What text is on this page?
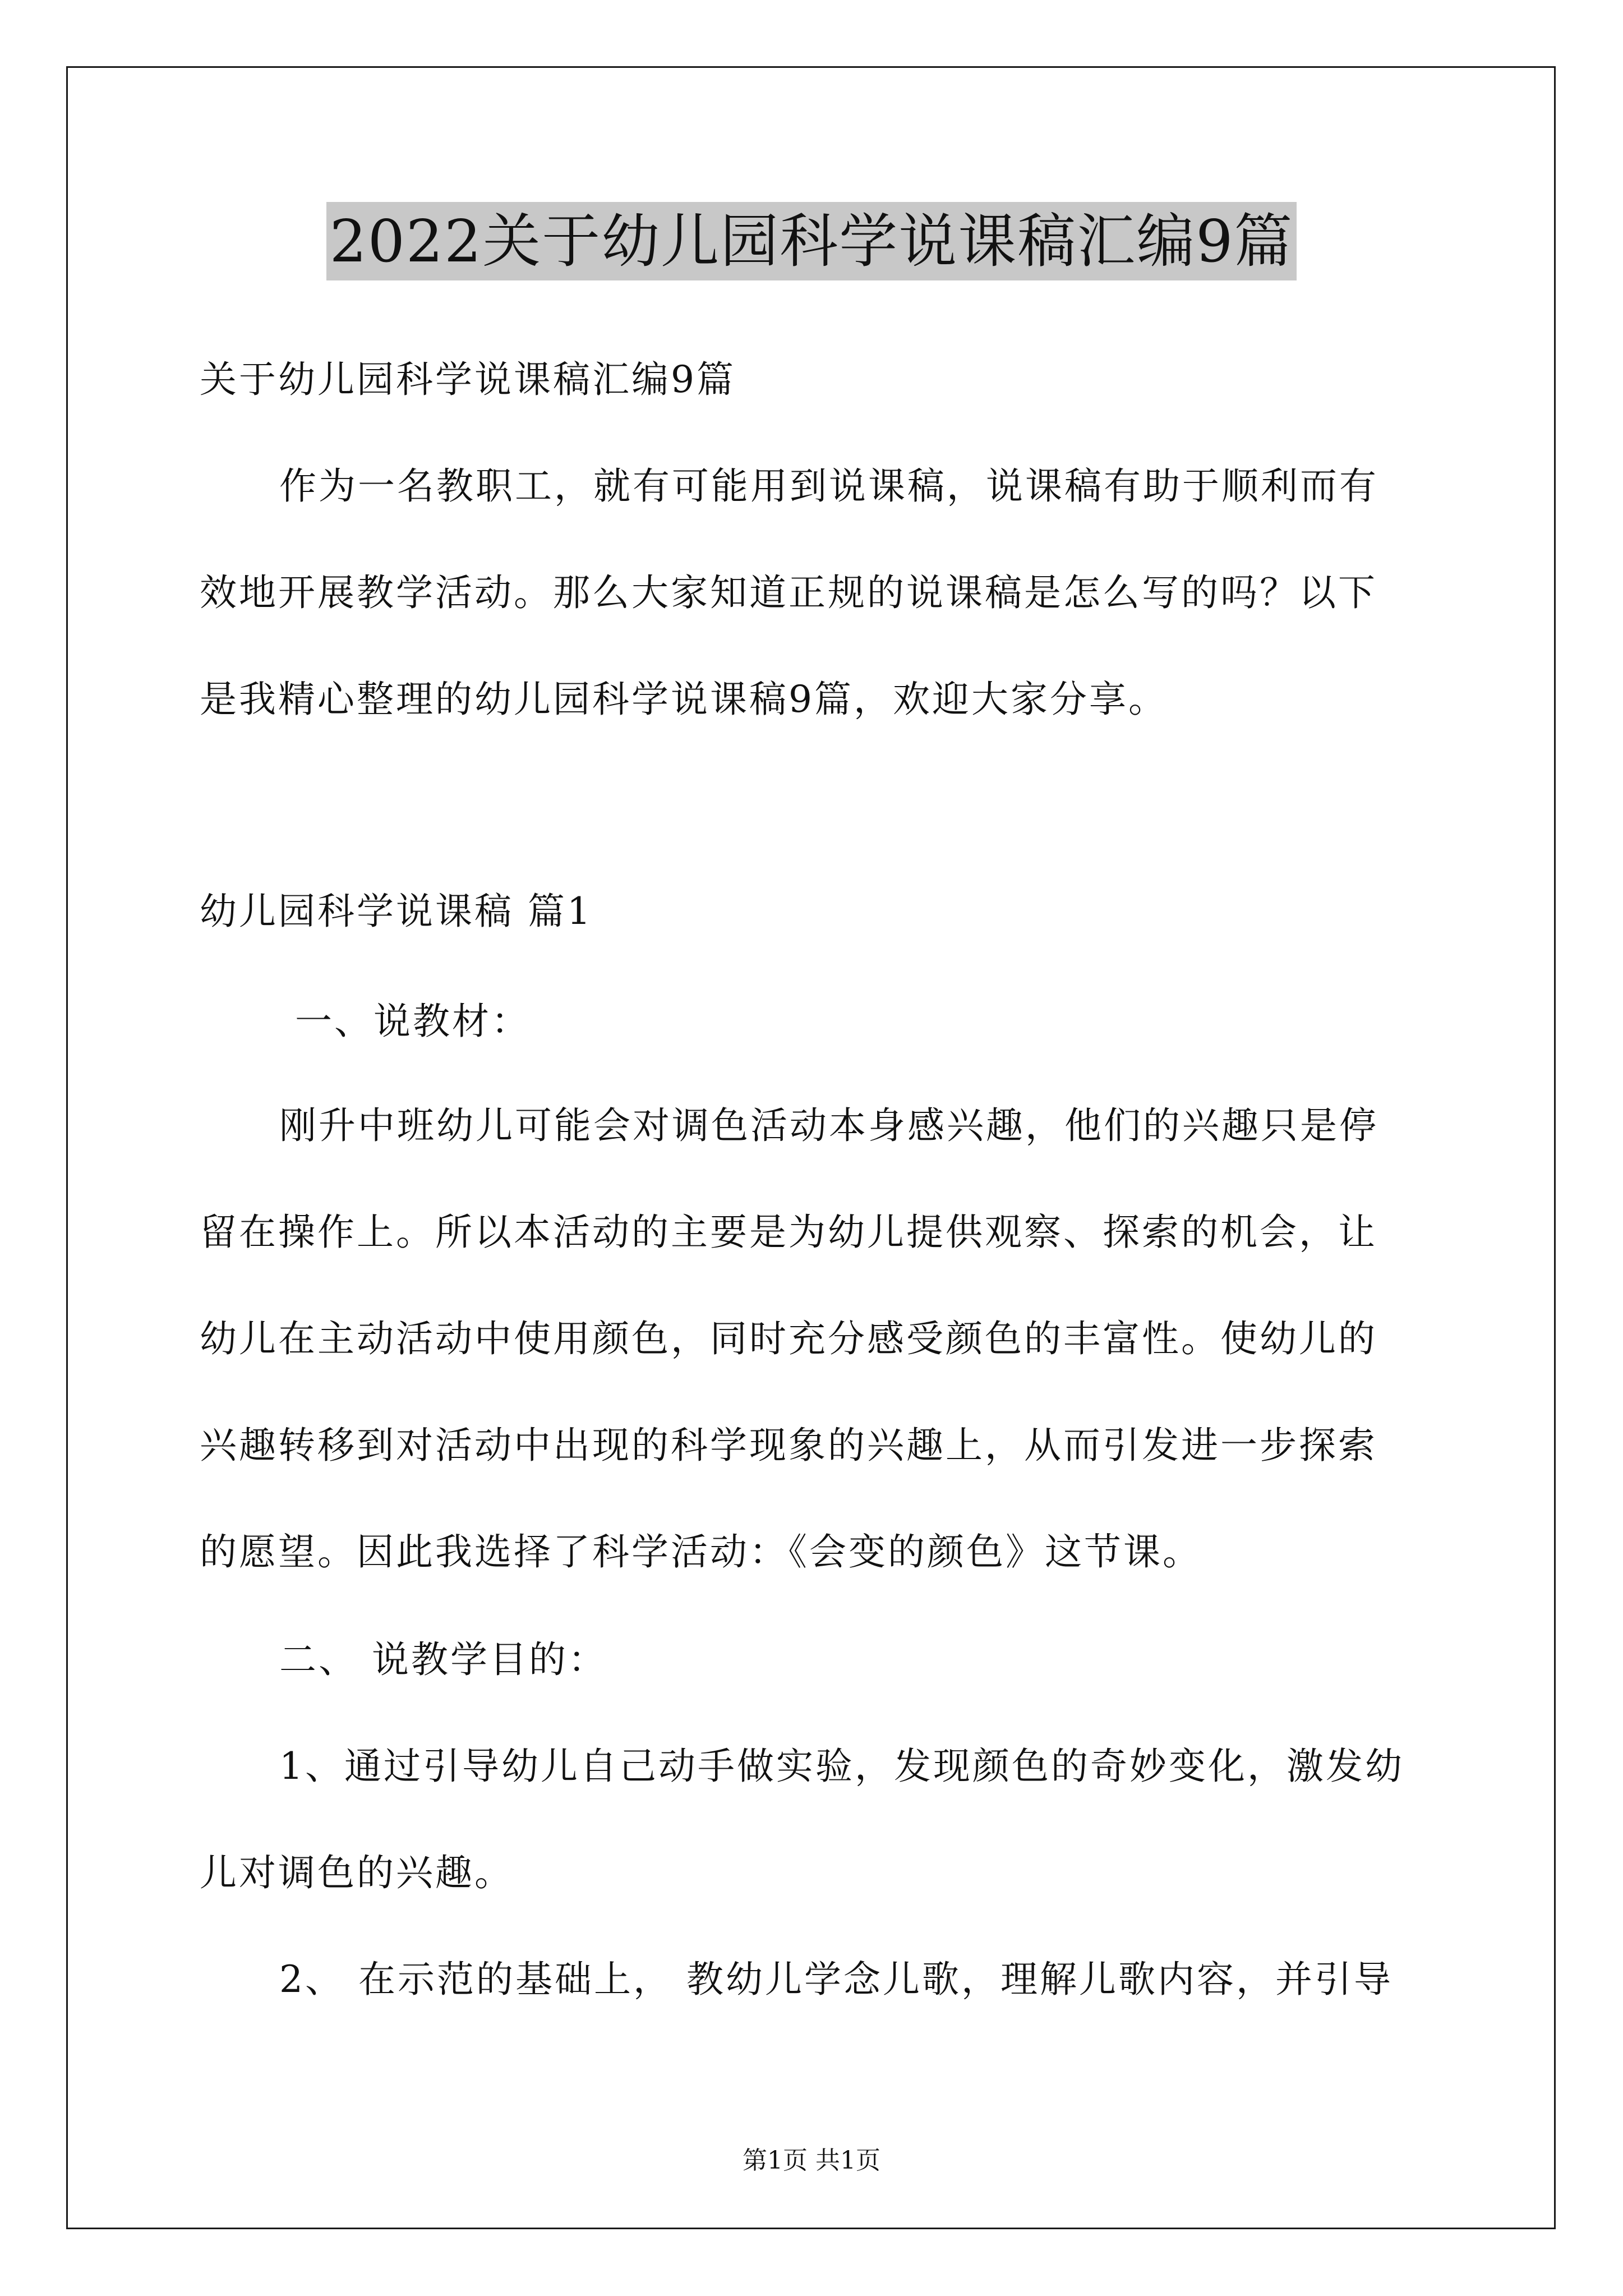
2022关于幼儿园科学说课稿汇编9篇
关于幼儿园科学说课稿汇编9篇
作为一名教职工，就有可能用到说课稿，说课稿有助于顺利而有
效地开展教学活动。那么大家知道正规的说课稿是怎么写的吗？以下
是我精心整理的幼儿园科学说课稿9篇，欢迎大家分享。
幼儿园科学说课稿 篇1
一、说教材：
刚升中班幼儿可能会对调色活动本身感兴趣，他们的兴趣只是停
留在操作上。所以本活动的主要是为幼儿提供观察、探索的机会，让
幼儿在主动活动中使用颜色，同时充分感受颜色的丰富性。使幼儿的
兴趣转移到对活动中出现的科学现象的兴趣上，从而引发进一步探索
的愿望。因此我选择了科学活动：《会变的颜色》这节课。
二、 说教学目的：
1、通过引导幼儿自己动手做实验，发现颜色的奇妙变化，激发幼
儿对调色的兴趣。
2、 在示范的基础上， 教幼儿学念儿歌，理解儿歌内容，并引导
第1页 共1页
